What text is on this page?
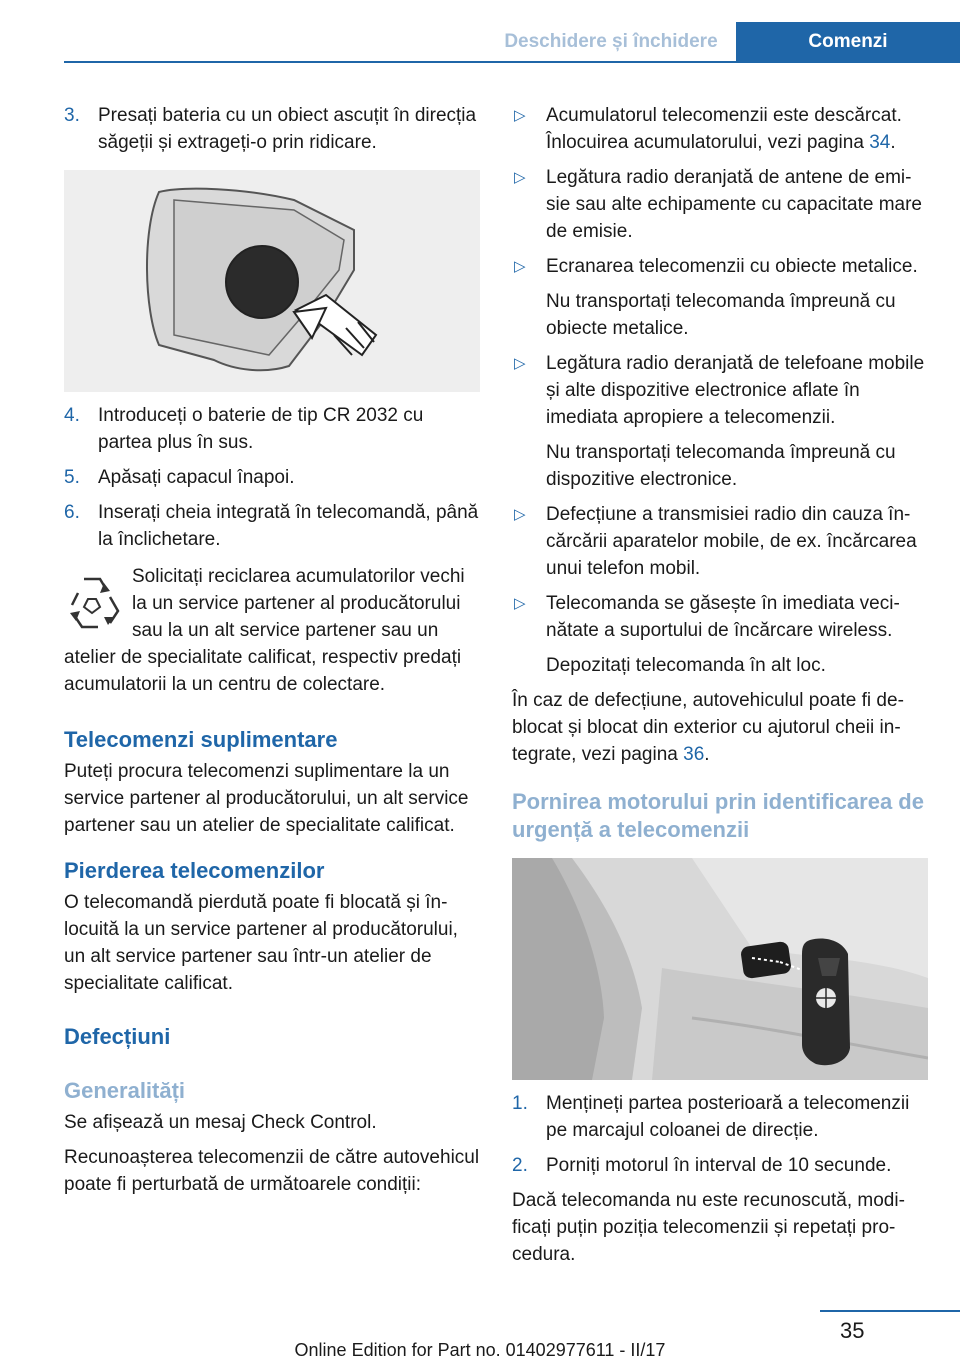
Deschidere și închidere	Comenzi
3. Presați bateria cu un obiect ascuțit în direcția săgeții și extrageți-o prin ridicare.
4. Introduceți o baterie de tip CR 2032 cu partea plus în sus.
5. Apăsați capacul înapoi.
6. Inserați cheia integrată în telecomandă, până la înclichetare.
Solicitați reciclarea acumulatorilor vechi la un service partener al producătorului sau la un alt service partener sau un atelier de specialitate calificat, respectiv predați acumulatorii la un centru de colectare.
Telecomenzi suplimentare

Puteți procura telecomenzi suplimentare la un service partener al producătorului, un alt service partener sau un atelier de specialitate calificat.

Pierderea telecomenzilor

O telecomandă pierdută poate fi blocată și înlocuită la un service partener al producătorului, un alt service partener sau într-un atelier de specialitate calificat.

Defecțiuni
Generalități

Se afișează un mesaj Check Control.

Recunoașterea telecomenzii de către autovehicul poate fi perturbată de următoarele condiții:

▷ Acumulatorul telecomenzii este descărcat. Înlocuirea acumulatorului, vezi pagina 34.
▷ Legătura radio deranjată de antene de emisie sau alte echipamente cu capacitate mare de emisie.
▷ Ecranarea telecomenzii cu obiecte metalice.
Nu transportați telecomanda împreună cu obiecte metalice.
▷ Legătura radio deranjată de telefoane mobile și alte dispozitive electronice aflate în imediata apropiere a telecomenzii.
Nu transportați telecomanda împreună cu dispozitive electronice.
▷ Defecțiune a transmisiei radio din cauza încărcării aparatelor mobile, de ex. încărcarea unui telefon mobil.
▷ Telecomanda se găsește în imediata vecinătate a suportului de încărcare wireless.
Depozitați telecomanda în alt loc.

În caz de defecțiune, autovehiculul poate fi deblocat și blocat din exterior cu ajutorul cheii integrate, vezi pagina 36.

Pornirea motorului prin identificarea de urgență a telecomenzii
1. Mențineți partea posterioară a telecomenzii pe marcajul coloanei de direcție.
2. Porniți motorul în interval de 10 secunde.

Dacă telecomanda nu este recunoscută, modificați puțin poziția telecomenzii și repetați procedura.

35
Online Edition for Part no. 01402977611 - II/17
